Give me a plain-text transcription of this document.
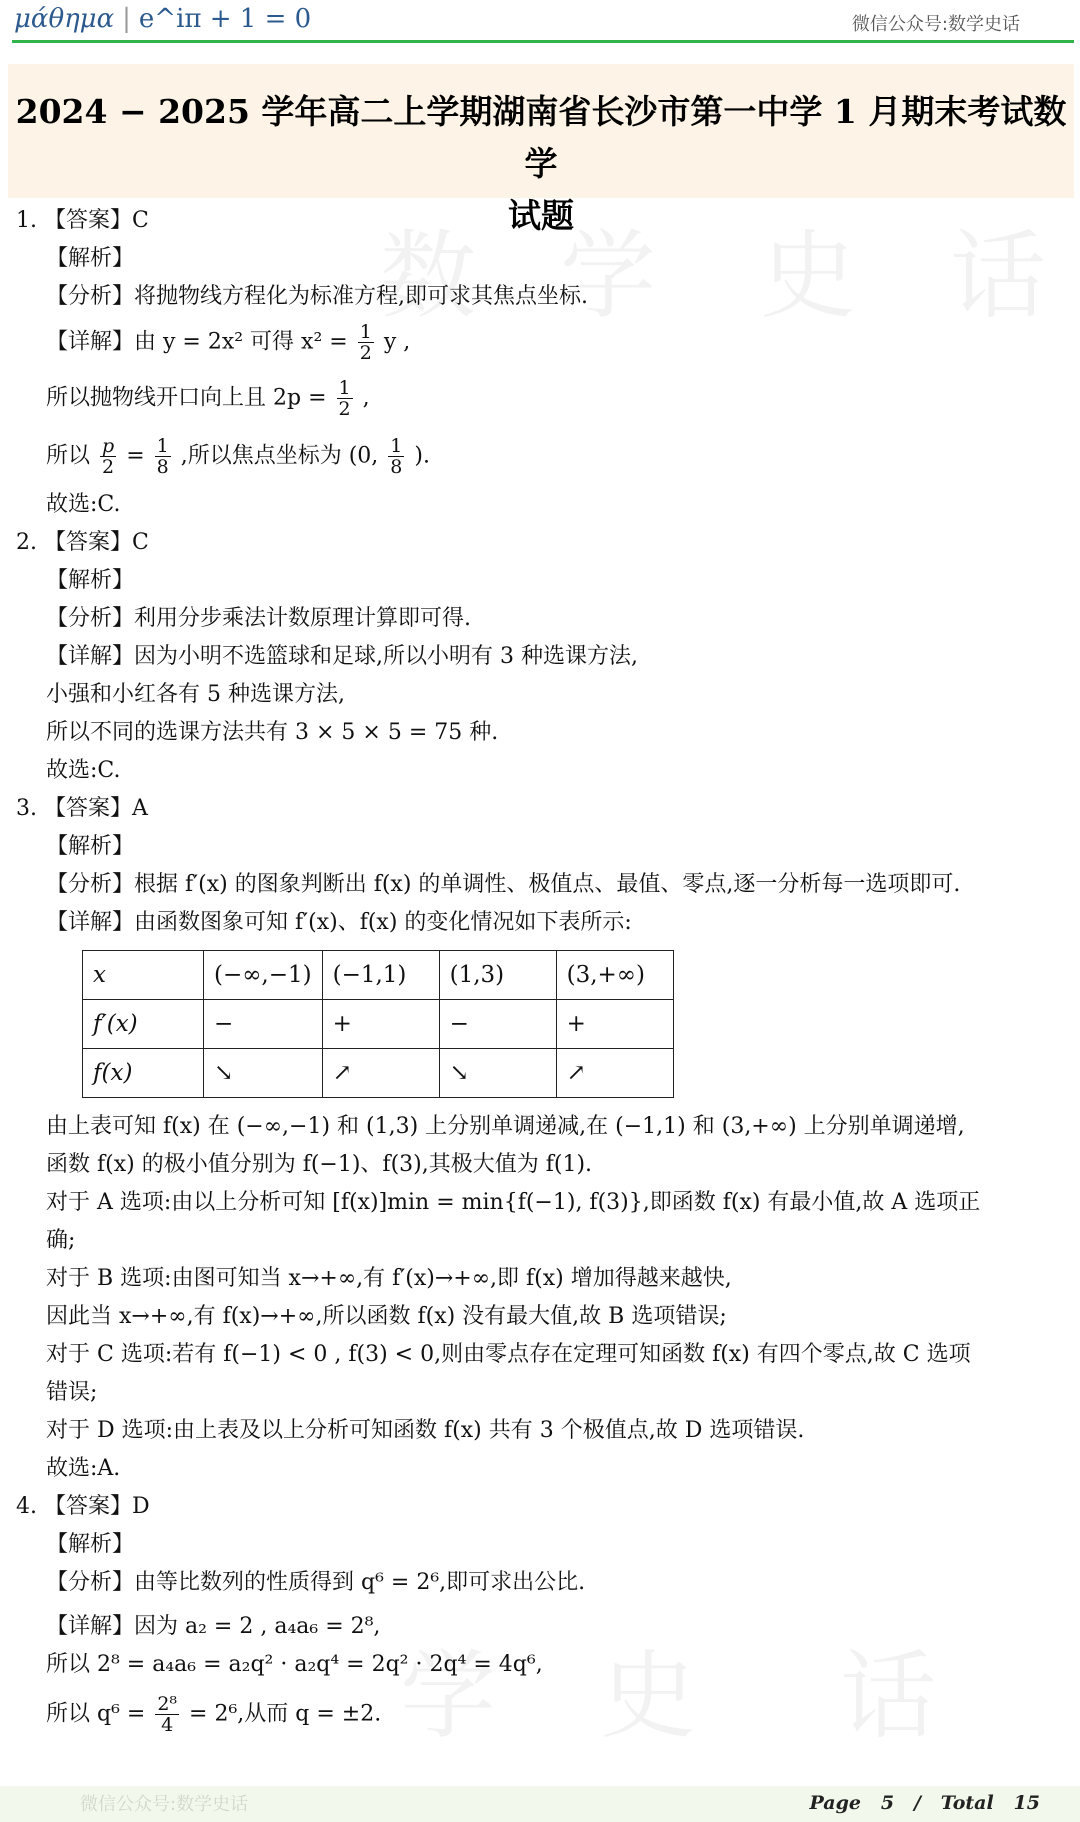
μάθημα | e^iπ + 1 = 0	微信公众号:数学史话
数 学 史 话
学 史 话
2024 − 2025 学年高二上学期湖南省长沙市第一中学 1 月期末考试数学
试题
1. 【答案】C
【解析】
【分析】将抛物线方程化为标准方程,即可求其焦点坐标.
【详解】由 y = 2x² 可得 $x^2 = \frac{1}{2}$ y ,
所以抛物线开口向上且 $2p = \frac{1}{2}$ ,
所以 $\frac{p}{2} = \frac{1}{8}$ ,所以焦点坐标为 (0, $\frac{1}{8}$ ).
故选:C.
2. 【答案】C
【解析】
【分析】利用分步乘法计数原理计算即可得.
【详解】因为小明不选篮球和足球,所以小明有 3 种选课方法,
小强和小红各有 5 种选课方法,
所以不同的选课方法共有 3 × 5 × 5 = 75 种.
故选:C.
3. 【答案】A
【解析】
【分析】根据 f′(x) 的图象判断出 f(x) 的单调性、极值点、最值、零点,逐一分析每一选项即可.
【详解】由函数图象可知 f′(x)、f(x) 的变化情况如下表所示:
x	(−∞,−1)	(−1,1)	(1,3)	(3,+∞)
f′(x)	−	+	−	+
f(x)	↘	↗	↘	↗
由上表可知 f(x) 在 (−∞,−1) 和 (1,3) 上分别单调递减,在 (−1,1) 和 (3,+∞) 上分别单调递增,
函数 f(x) 的极小值分别为 f(−1)、f(3),其极大值为 f(1).
对于 A 选项:由以上分析可知 [f(x)]min = min{f(−1), f(3)},即函数 f(x) 有最小值,故 A 选项正
确;
对于 B 选项:由图可知当 x→+∞,有 f′(x)→+∞,即 f(x) 增加得越来越快,
因此当 x→+∞,有 f(x)→+∞,所以函数 f(x) 没有最大值,故 B 选项错误;
对于 C 选项:若有 f(−1) < 0 , f(3) < 0,则由零点存在定理可知函数 f(x) 有四个零点,故 C 选项
错误;
对于 D 选项:由上表及以上分析可知函数 f(x) 共有 3 个极值点,故 D 选项错误.
故选:A.
4. 【答案】D
【解析】
【分析】由等比数列的性质得到 q⁶ = 2⁶,即可求出公比.
【详解】因为 a₂ = 2 , a₄a₆ = 2⁸,
所以 2⁸ = a₄a₆ = a₂q² · a₂q⁴ = 2q² · 2q⁴ = 4q⁶,
所以 $q^6 = \frac{\text{2⁸}}{4} = 2^6$,从而 q = ±2.
微信公众号:数学史话	Page 5 / Total 15
